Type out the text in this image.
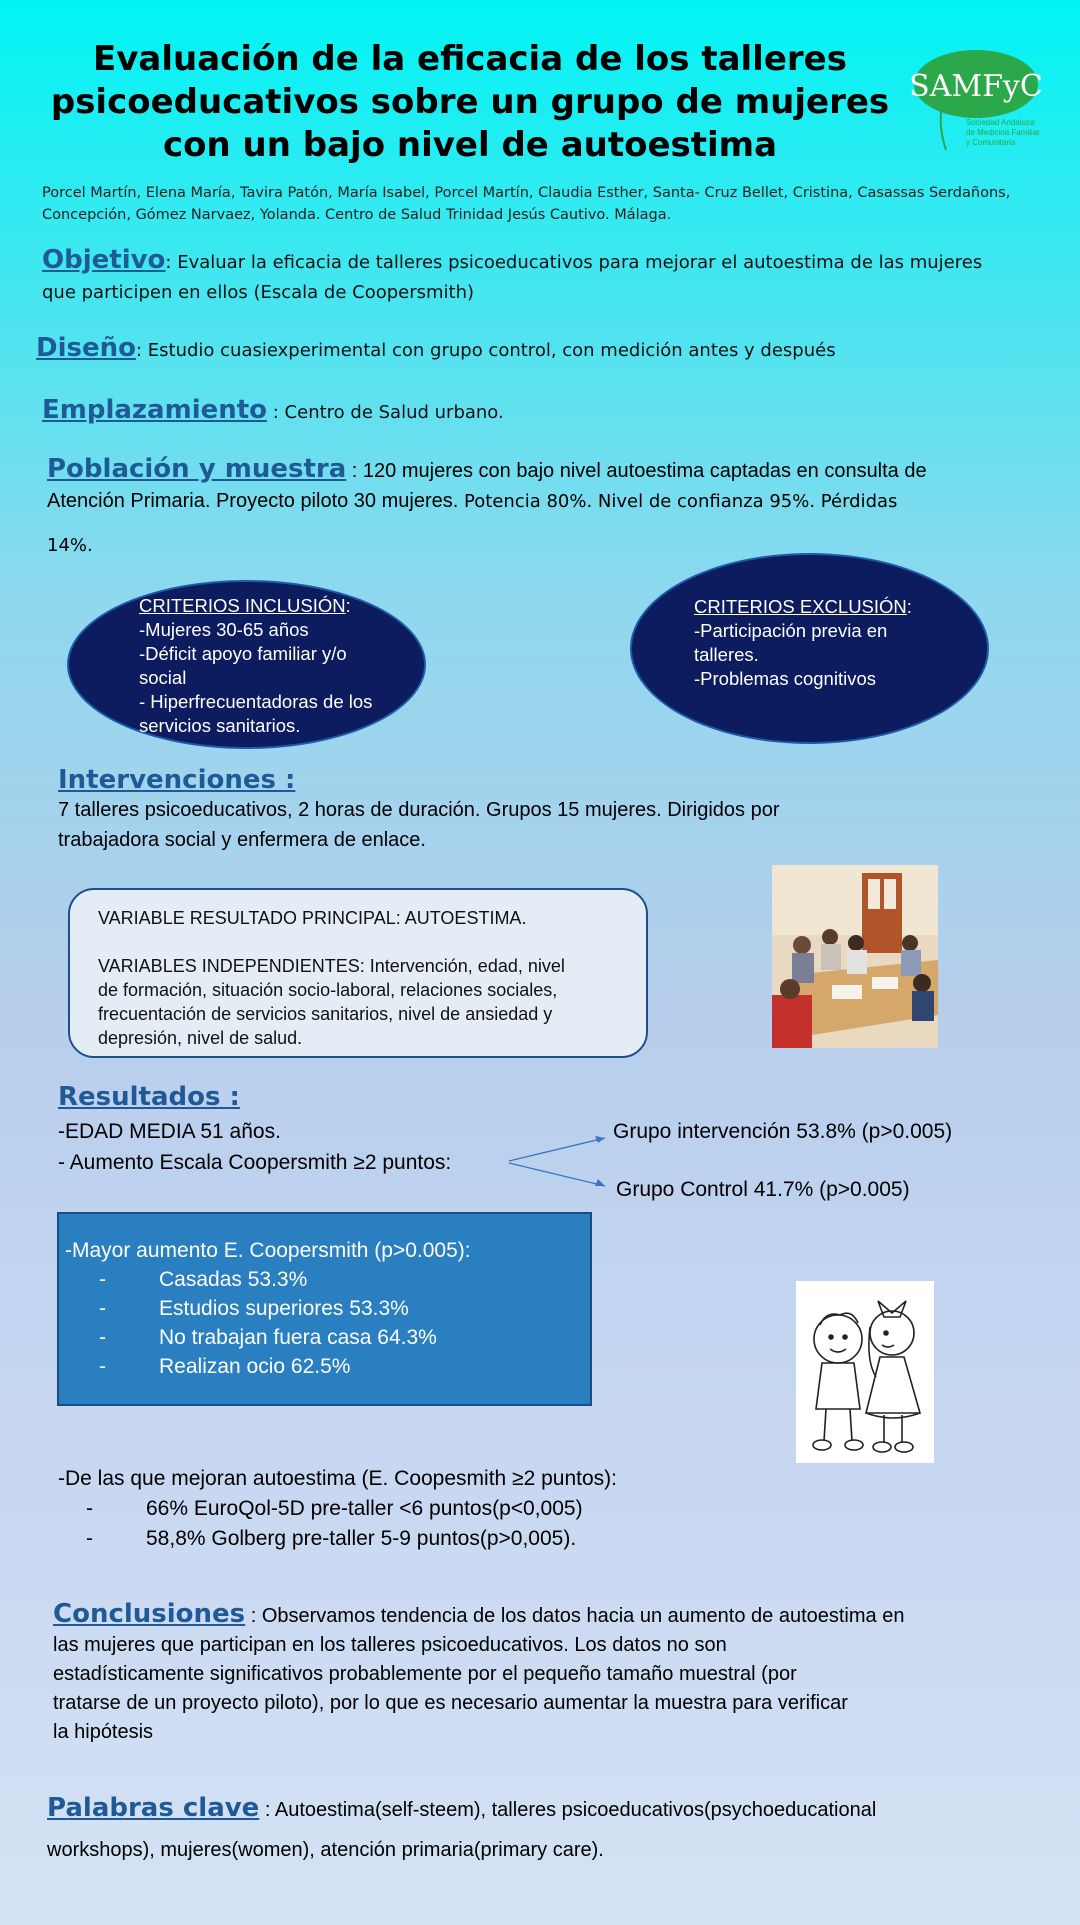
Evaluación de la eficacia de los talleres
psicoeducativos sobre un grupo de mujeres
con un bajo nivel de autoestima
SAMFyC
Sociedad Andaluza
de Medicina Familiar
y Comunitaria
Porcel Martín, Elena María, Tavira Patón, María Isabel, Porcel Martín, Claudia Esther, Santa- Cruz Bellet, Cristina, Casassas Serdañons,
Concepción, Gómez Narvaez, Yolanda. Centro de Salud Trinidad Jesús Cautivo. Málaga.
Objetivo: Evaluar la eficacia de talleres psicoeducativos para mejorar el autoestima de las mujeres
que participen en ellos (Escala de Coopersmith)
Diseño: Estudio cuasiexperimental con grupo control, con medición antes y después
Emplazamiento : Centro de Salud urbano.
Población y muestra : 120 mujeres con bajo nivel autoestima captadas en consulta de
Atención Primaria. Proyecto piloto 30 mujeres. Potencia 80%. Nivel de confianza 95%. Pérdidas
14%.
CRITERIOS INCLUSIÓN:
-Mujeres 30-65 años
-Déficit apoyo familiar y/o
social
- Hiperfrecuentadoras de los
servicios sanitarios.
CRITERIOS EXCLUSIÓN:
-Participación previa en
talleres.
-Problemas cognitivos
Intervenciones :
7 talleres psicoeducativos, 2 horas de duración. Grupos 15 mujeres. Dirigidos por
trabajadora social y enfermera de enlace.
VARIABLE RESULTADO PRINCIPAL: AUTOESTIMA.
VARIABLES INDEPENDIENTES: Intervención, edad, nivel
de formación, situación socio-laboral, relaciones sociales,
frecuentación de servicios sanitarios, nivel de ansiedad y
depresión, nivel de salud.
Resultados :
-EDAD MEDIA 51 años.
- Aumento Escala Coopersmith ≥2 puntos:
Grupo intervención 53.8% (p>0.005)
Grupo Control 41.7% (p>0.005)
-Mayor aumento E. Coopersmith (p>0.005):
-	Casadas 53.3%
-	Estudios superiores 53.3%
-	No trabajan fuera casa 64.3%
-	Realizan ocio 62.5%
-De las que mejoran autoestima (E. Coopesmith ≥2 puntos):
-	66% EuroQol-5D pre-taller <6 puntos(p<0,005)
-	58,8% Golberg pre-taller 5-9 puntos(p>0,005).
Conclusiones : Observamos tendencia de los datos hacia un aumento de autoestima en
las mujeres que participan en los talleres psicoeducativos. Los datos no son
estadísticamente significativos probablemente por el pequeño tamaño muestral (por
tratarse de un proyecto piloto), por lo que es necesario aumentar la muestra para verificar
la hipótesis
Palabras clave : Autoestima(self-steem), talleres psicoeducativos(psychoeducational
workshops), mujeres(women), atención primaria(primary care).
